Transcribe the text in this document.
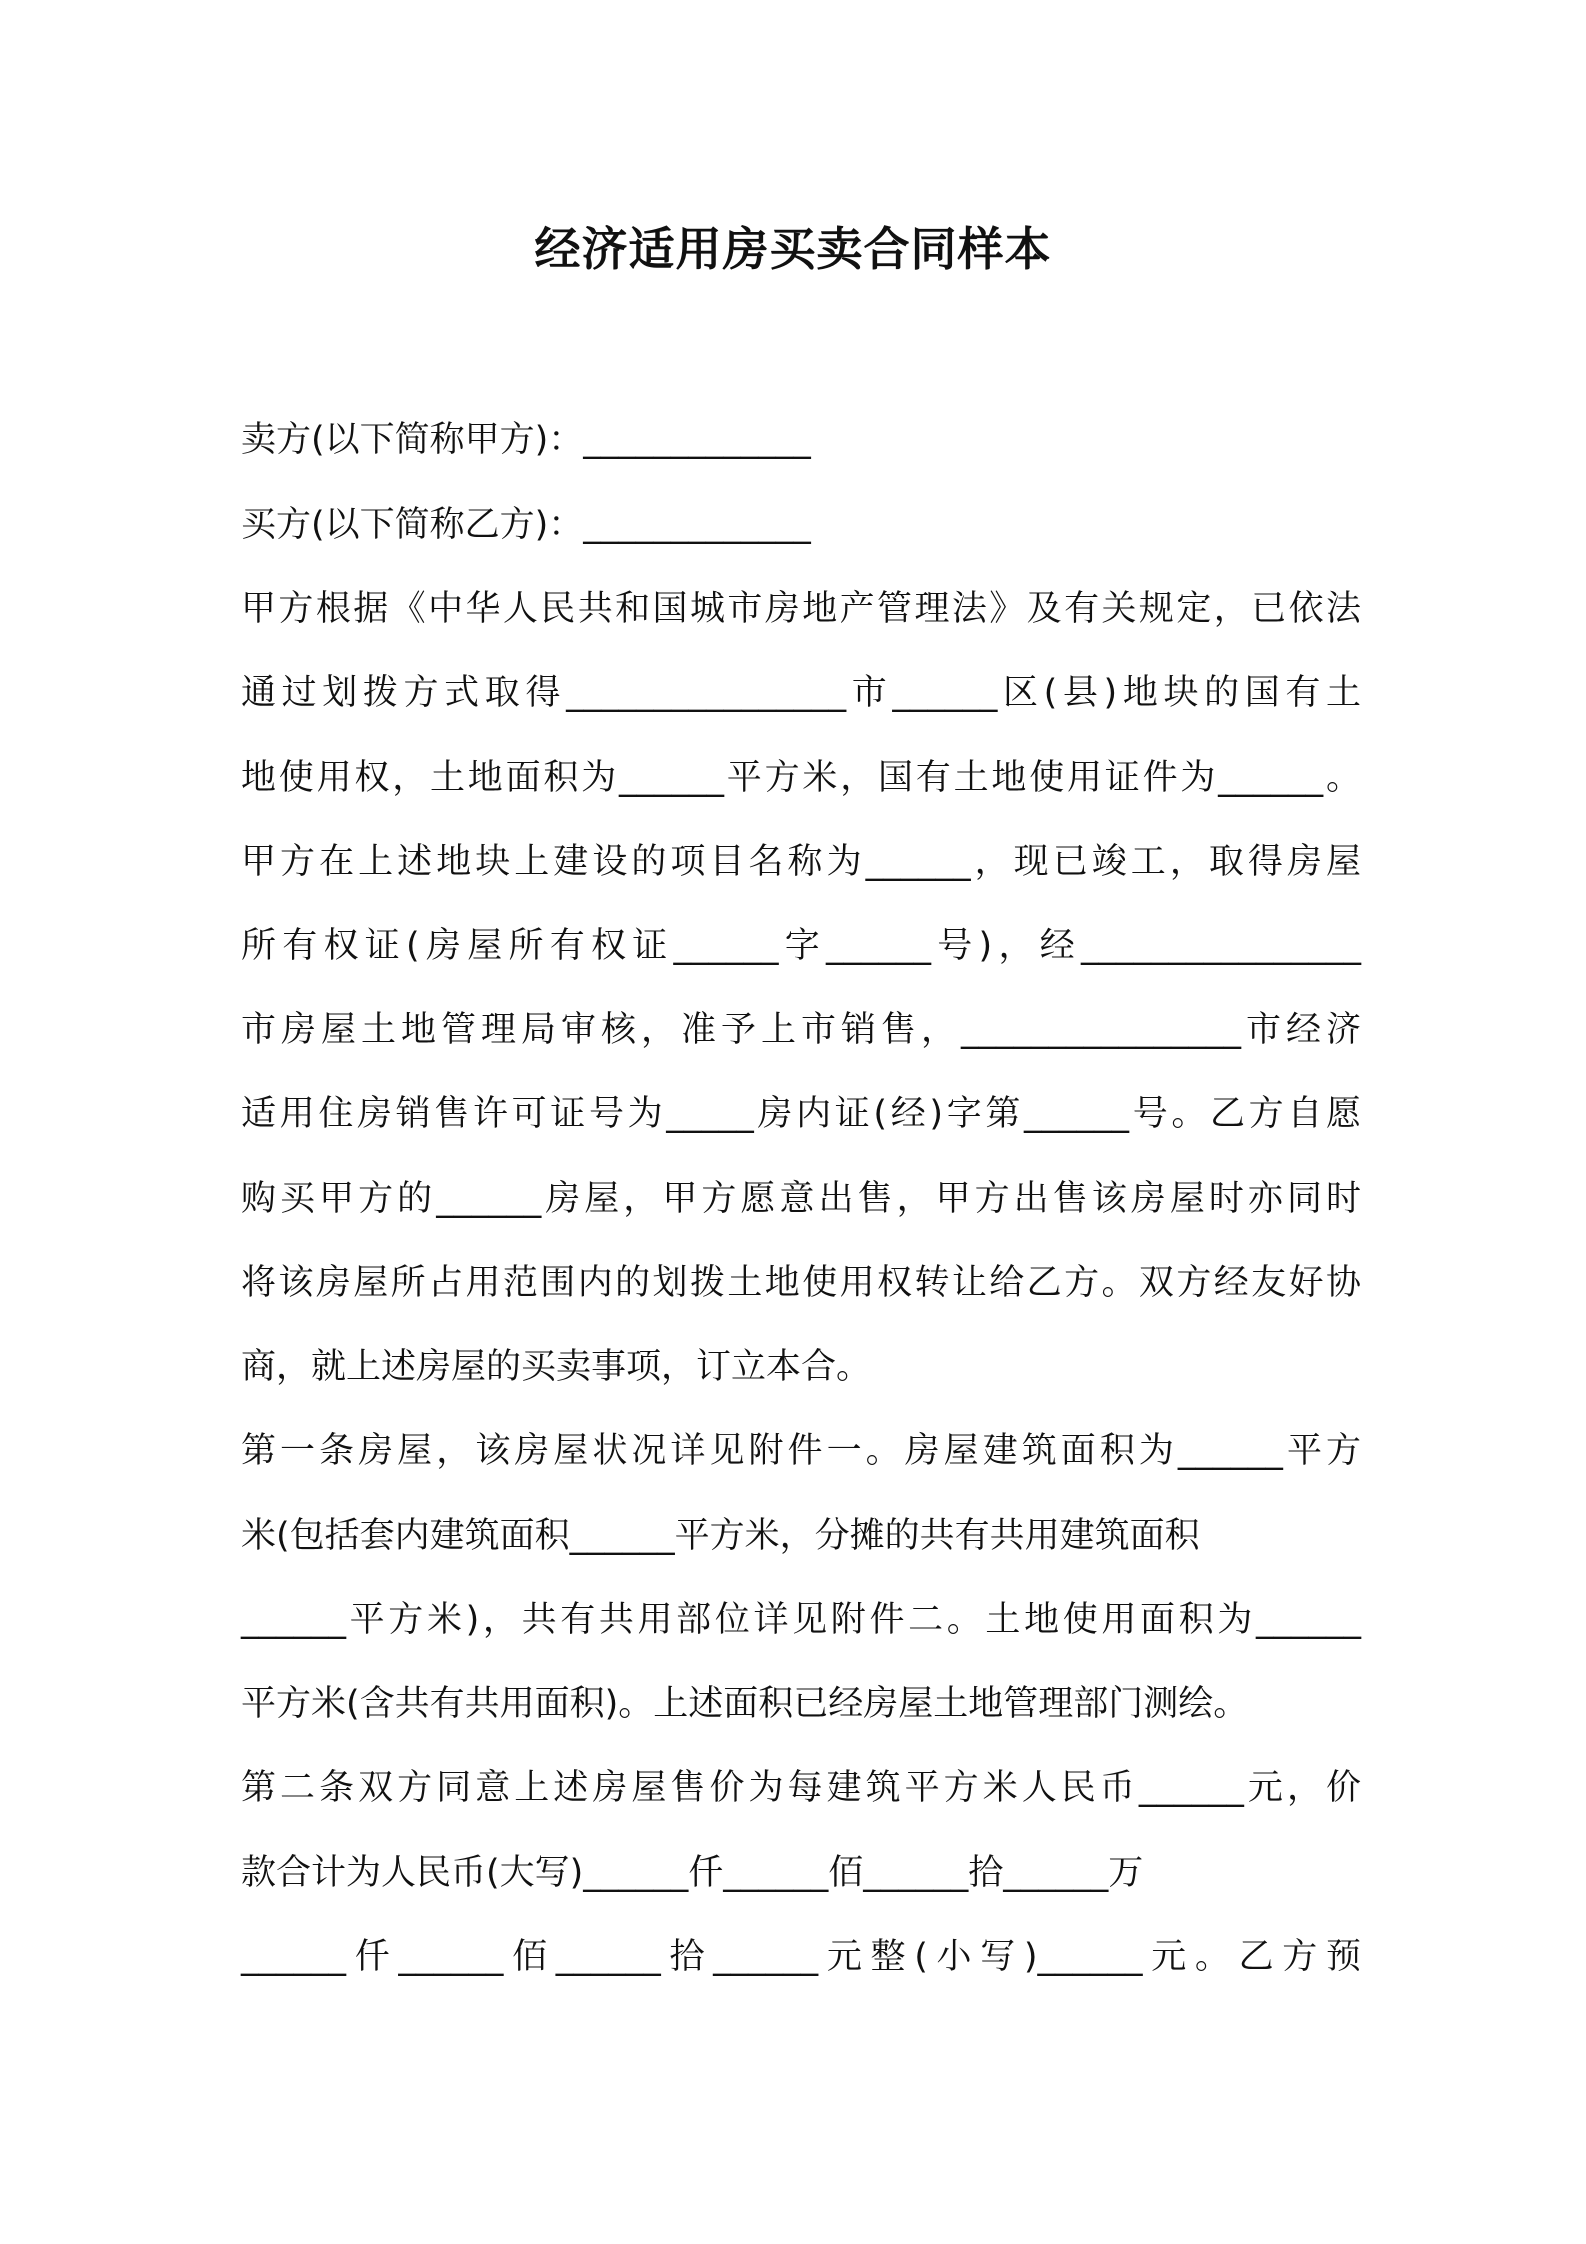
经济适用房买卖合同样本
卖方(以下简称甲方)：_____________
买方(以下简称乙方)：_____________
甲方根据《中华人民共和国城市房地产管理法》及有关规定，已依法
通过划拨方式取得________________市______区(县)地块的国有土
地使用权，土地面积为______平方米，国有土地使用证件为______。
甲方在上述地块上建设的项目名称为______，现已竣工，取得房屋
所有权证(房屋所有权证______字______号)，经________________
市房屋土地管理局审核，准予上市销售，________________市经济
适用住房销售许可证号为_____房内证(经)字第______号。乙方自愿
购买甲方的______房屋，甲方愿意出售，甲方出售该房屋时亦同时
将该房屋所占用范围内的划拨土地使用权转让给乙方。双方经友好协
商，就上述房屋的买卖事项，订立本合。
第一条房屋，该房屋状况详见附件一。房屋建筑面积为______平方
米(包括套内建筑面积______平方米，分摊的共有共用建筑面积
______平方米)，共有共用部位详见附件二。土地使用面积为______
平方米(含共有共用面积)。上述面积已经房屋土地管理部门测绘。
第二条双方同意上述房屋售价为每建筑平方米人民币______元，价
款合计为人民币(大写)______仟______佰______拾______万
______仟______佰______拾______元整(小写)______元。乙方预
